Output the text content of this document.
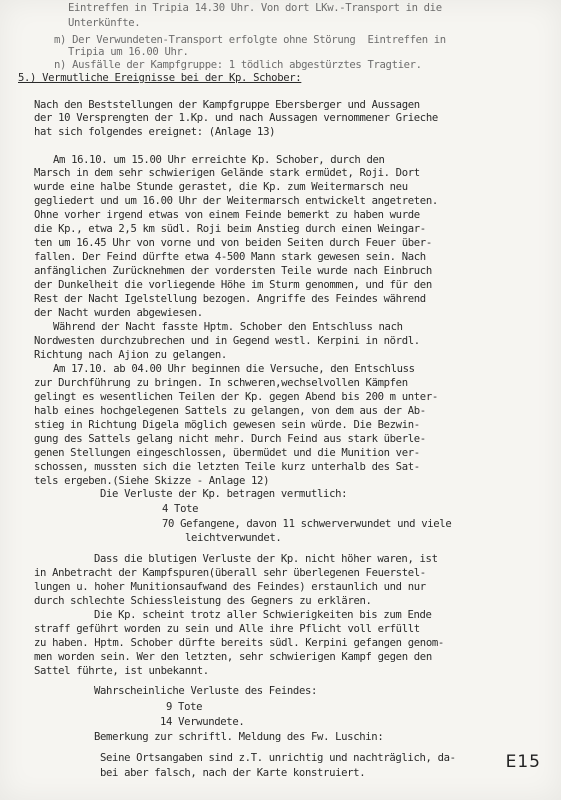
Eintreffen in Tripia 14.30 Uhr. Von dort LKw.-Transport in die
Unterkünfte.
m) Der Verwundeten-Transport erfolgte ohne Störung  Eintreffen in
Tripia um 16.00 Uhr.
n) Ausfälle der Kampfgruppe: 1 tödlich abgestürztes Tragtier.
5.) Vermutliche Ereignisse bei der Kp. Schober:
Nach den Beststellungen der Kampfgruppe Ebersberger und Aussagen
der 10 Versprengten der 1.Kp. und nach Aussagen vernommener Grieche
hat sich folgendes ereignet: (Anlage 13)
Am 16.10. um 15.00 Uhr erreichte Kp. Schober, durch den
Marsch in dem sehr schwierigen Gelände stark ermüdet, Roji. Dort
wurde eine halbe Stunde gerastet, die Kp. zum Weitermarsch neu
gegliedert und um 16.00 Uhr der Weitermarsch entwickelt angetreten.
Ohne vorher irgend etwas von einem Feinde bemerkt zu haben wurde
die Kp., etwa 2,5 km südl. Roji beim Anstieg durch einen Weingar-
ten um 16.45 Uhr von vorne und von beiden Seiten durch Feuer über-
fallen. Der Feind dürfte etwa 4-500 Mann stark gewesen sein. Nach
anfänglichen Zurücknehmen der vordersten Teile wurde nach Einbruch
der Dunkelheit die vorliegende Höhe im Sturm genommen, und für den
Rest der Nacht Igelstellung bezogen. Angriffe des Feindes während
der Nacht wurden abgewiesen.
Während der Nacht fasste Hptm. Schober den Entschluss nach
Nordwesten durchzubrechen und in Gegend westl. Kerpini in nördl.
Richtung nach Ajion zu gelangen.
Am 17.10. ab 04.00 Uhr beginnen die Versuche, den Entschluss
zur Durchführung zu bringen. In schweren,wechselvollen Kämpfen
gelingt es wesentlichen Teilen der Kp. gegen Abend bis 200 m unter-
halb eines hochgelegenen Sattels zu gelangen, von dem aus der Ab-
stieg in Richtung Digela möglich gewesen sein würde. Die Bezwin-
gung des Sattels gelang nicht mehr. Durch Feind aus stark überle-
genen Stellungen eingeschlossen, übermüdet und die Munition ver-
schossen, mussten sich die letzten Teile kurz unterhalb des Sat-
tels ergeben.(Siehe Skizze - Anlage 12)
Die Verluste der Kp. betragen vermutlich:
4 Tote
70 Gefangene, davon 11 schwerverwundet und viele
leichtverwundet.
Dass die blutigen Verluste der Kp. nicht höher waren, ist
in Anbetracht der Kampfspuren(überall sehr überlegenen Feuerstel-
lungen u. hoher Munitionsaufwand des Feindes) erstaunlich und nur
durch schlechte Schiessleistung des Gegners zu erklären.
Die Kp. scheint trotz aller Schwierigkeiten bis zum Ende
straff geführt worden zu sein und Alle ihre Pflicht voll erfüllt
zu haben. Hptm. Schober dürfte bereits südl. Kerpini gefangen genom-
men worden sein. Wer den letzten, sehr schwierigen Kampf gegen den
Sattel führte, ist unbekannt.
Wahrscheinliche Verluste des Feindes:
9 Tote
14 Verwundete.
Bemerkung zur schriftl. Meldung des Fw. Luschin:
Seine Ortsangaben sind z.T. unrichtig und nachträglich, da-
bei aber falsch, nach der Karte konstruiert.
E15
